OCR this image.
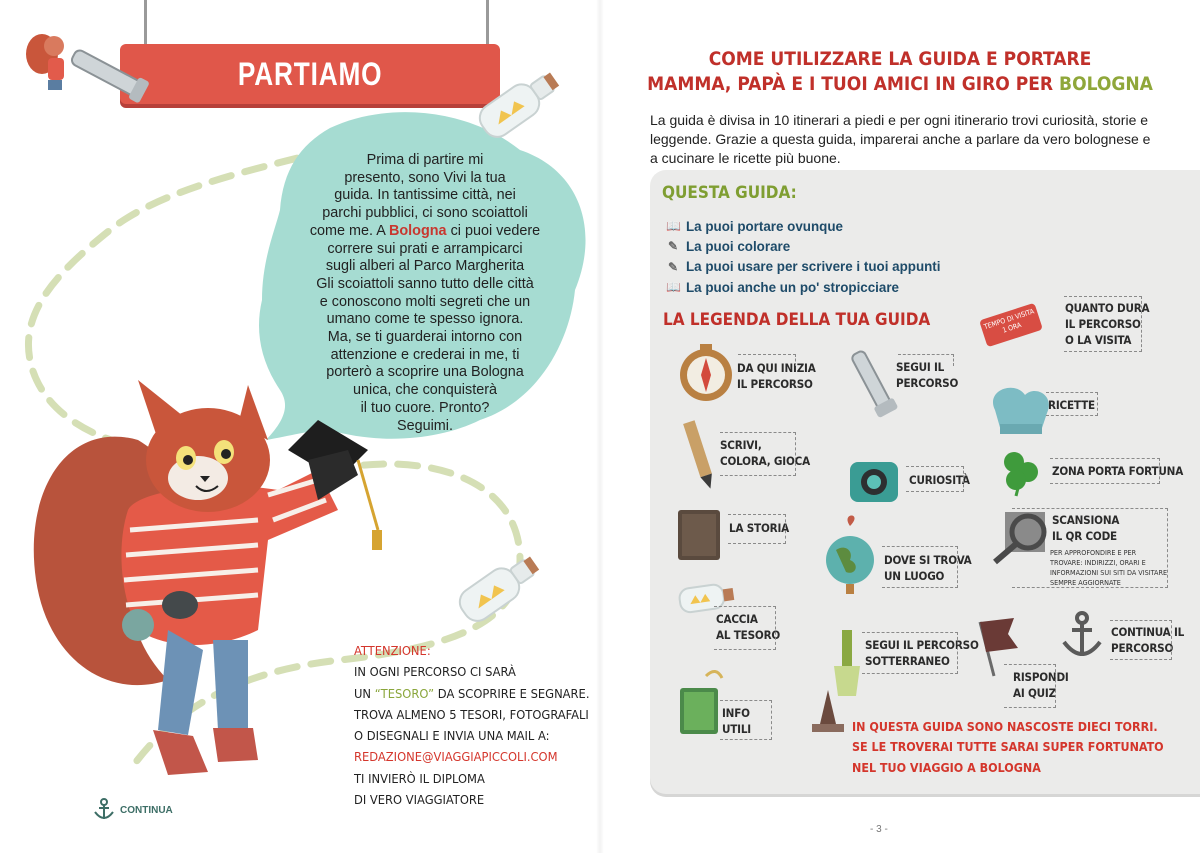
PARTIAMO
Prima di partire mi
presento, sono Vivi la tua
guida. In tantissime città, nei
parchi pubblici, ci sono scoiattoli
come me. A Bologna ci puoi vedere
correre sui prati e arrampicarci
sugli alberi al Parco Margherita
Gli scoiattoli sanno tutto delle città
e conoscono molti segreti che un
umano come te spesso ignora.
Ma, se ti guarderai intorno con
attenzione e crederai in me, ti
porterò a scoprire una Bologna
unica, che conquisterà
il tuo cuore. Pronto?
Seguimi.
ATTENZIONE:
IN OGNI PERCORSO CI SARÀ
UN “TESORO” DA SCOPRIRE E SEGNARE.
TROVA ALMENO 5 TESORI, FOTOGRAFALI
O DISEGNALI E INVIA UNA MAIL A:
REDAZIONE@VIAGGIAPICCOLI.COM
TI INVIERÒ IL DIPLOMA
DI VERO VIAGGIATORE
CONTINUA
COME UTILIZZARE LA GUIDA E PORTARE
MAMMA, PAPÀ E I TUOI AMICI IN GIRO PER BOLOGNA
La guida è divisa in 10 itinerari a piedi e per ogni itinerario trovi curiosità, storie e leggende. Grazie a questa guida, imparerai anche a parlare da vero bolognese e a cucinare le ricette più buone.
QUESTA GUIDA:
📖 La puoi portare ovunque
✎ La puoi colorare
✎ La puoi usare per scrivere i tuoi appunti
📖 La puoi anche un po' stropicciare
LA LEGENDA DELLA TUA GUIDA	TEMPO DI VISITA 1 ORA
DA QUI INIZIA
IL PERCORSO
SEGUI IL
PERCORSO
QUANTO DURA
IL PERCORSO
O LA VISITA
RICETTE
SCRIVI,
COLORA, GIOCA
CURIOSITÀ
ZONA PORTA FORTUNA
LA STORIA
DOVE SI TROVA
UN LUOGO
SCANSIONA
IL QR CODE
PER APPROFONDIRE E PER TROVARE: INDIRIZZI, ORARI E INFORMAZIONI SUI SITI DA VISITARE SEMPRE AGGIORNATE
CACCIA
AL TESORO
SEGUI IL PERCORSO
SOTTERRANEO
RISPONDI
AI QUIZ
CONTINUA IL
PERCORSO
INFO
UTILI	IN QUESTA GUIDA SONO NASCOSTE DIECI TORRI.
SE LE TROVERAI TUTTE SARAI SUPER FORTUNATO
NEL TUO VIAGGIO A BOLOGNA
- 3 -
